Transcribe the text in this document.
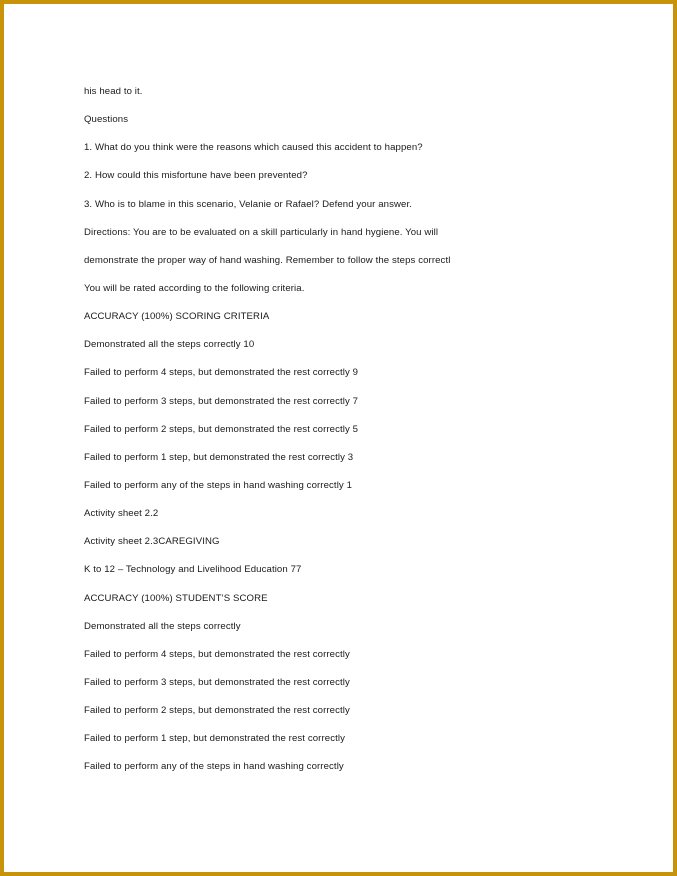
his head to it.
Questions
1. What do you think were the reasons which caused this accident to happen?
2. How could this misfortune have been prevented?
3. Who is to blame in this scenario, Velanie or Rafael? Defend your answer.
Directions: You are to be evaluated on a skill particularly in hand hygiene. You will
demonstrate the proper way of hand washing. Remember to follow the steps correctl
You will be rated according to the following criteria.
ACCURACY (100%) SCORING CRITERIA
Demonstrated all the steps correctly 10
Failed to perform 4 steps, but demonstrated the rest correctly 9
Failed to perform 3 steps, but demonstrated the rest correctly 7
Failed to perform 2 steps, but demonstrated the rest correctly 5
Failed to perform 1 step, but demonstrated the rest correctly 3
Failed to perform any of the steps in hand washing correctly 1
Activity sheet 2.2
Activity sheet 2.3CAREGIVING
K to 12 – Technology and Livelihood Education 77
ACCURACY (100%) STUDENT’S SCORE
Demonstrated all the steps correctly
Failed to perform 4 steps, but demonstrated the rest correctly
Failed to perform 3 steps, but demonstrated the rest correctly
Failed to perform 2 steps, but demonstrated the rest correctly
Failed to perform 1 step, but demonstrated the rest correctly
Failed to perform any of the steps in hand washing correctly
